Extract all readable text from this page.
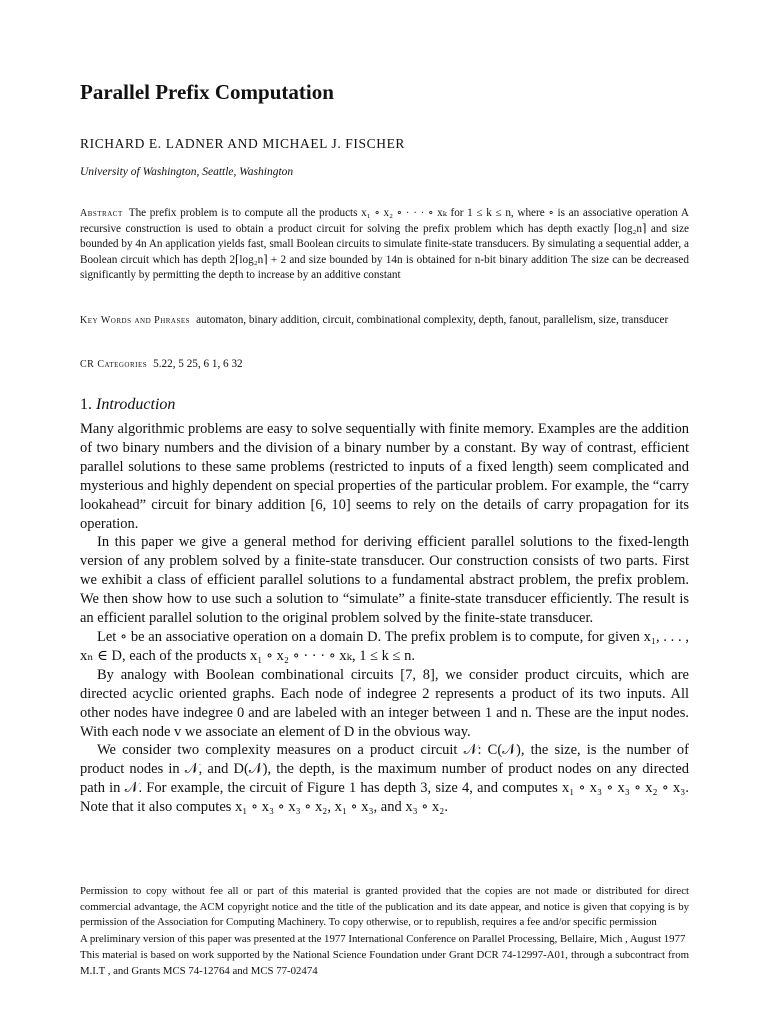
Parallel Prefix Computation
RICHARD E. LADNER AND MICHAEL J. FISCHER
University of Washington, Seattle, Washington
Abstract The prefix problem is to compute all the products x₁ ∘ x₂ ∘ · · · ∘ xₖ for 1 ≤ k ≤ n, where ∘ is an associative operation A recursive construction is used to obtain a product circuit for solving the prefix problem which has depth exactly ⌈log₂n⌉ and size bounded by 4n An application yields fast, small Boolean circuits to simulate finite-state transducers. By simulating a sequential adder, a Boolean circuit which has depth 2⌈log₂n⌉ + 2 and size bounded by 14n is obtained for n-bit binary addition The size can be decreased significantly by permitting the depth to increase by an additive constant
Key Words and Phrases automaton, binary addition, circuit, combinational complexity, depth, fanout, parallelism, size, transducer
CR Categories 5.22, 5 25, 6 1, 6 32
1. Introduction

Many algorithmic problems are easy to solve sequentially with finite memory. Examples are the addition of two binary numbers and the division of a binary number by a constant. By way of contrast, efficient parallel solutions to these same problems (restricted to inputs of a fixed length) seem complicated and mysterious and highly dependent on special properties of the particular problem. For example, the “carry lookahead” circuit for binary addition [6, 10] seems to rely on the details of carry propagation for its operation.

In this paper we give a general method for deriving efficient parallel solutions to the fixed-length version of any problem solved by a finite-state transducer. Our construction consists of two parts. First we exhibit a class of efficient parallel solutions to a fundamental abstract problem, the prefix problem. We then show how to use such a solution to “simulate” a finite-state transducer efficiently. The result is an efficient parallel solution to the original problem solved by the finite-state transducer.

Let ∘ be an associative operation on a domain D. The prefix problem is to compute, for given x₁, . . . , xₙ ∈ D, each of the products x₁ ∘ x₂ ∘ · · · ∘ xₖ, 1 ≤ k ≤ n.

By analogy with Boolean combinational circuits [7, 8], we consider product circuits, which are directed acyclic oriented graphs. Each node of indegree 2 represents a product of its two inputs. All other nodes have indegree 0 and are labeled with an integer between 1 and n. These are the input nodes. With each node v we associate an element of D in the obvious way.

We consider two complexity measures on a product circuit 𝒩: C(𝒩), the size, is the number of product nodes in 𝒩, and D(𝒩), the depth, is the maximum number of product nodes on any directed path in 𝒩. For example, the circuit of Figure 1 has depth 3, size 4, and computes x₁ ∘ x₃ ∘ x₃ ∘ x₂ ∘ x₃. Note that it also computes x₁ ∘ x₃ ∘ x₃ ∘ x₂, x₁ ∘ x₃, and x₃ ∘ x₂.

Permission to copy without fee all or part of this material is granted provided that the copies are not made or distributed for direct commercial advantage, the ACM copyright notice and the title of the publication and its date appear, and notice is given that copying is by permission of the Association for Computing Machinery. To copy otherwise, or to republish, requires a fee and/or specific permission

A preliminary version of this paper was presented at the 1977 International Conference on Parallel Processing, Bellaire, Mich , August 1977

This material is based on work supported by the National Science Foundation under Grant DCR 74-12997-A01, through a subcontract from M.I.T , and Grants MCS 74-12764 and MCS 77-02474
